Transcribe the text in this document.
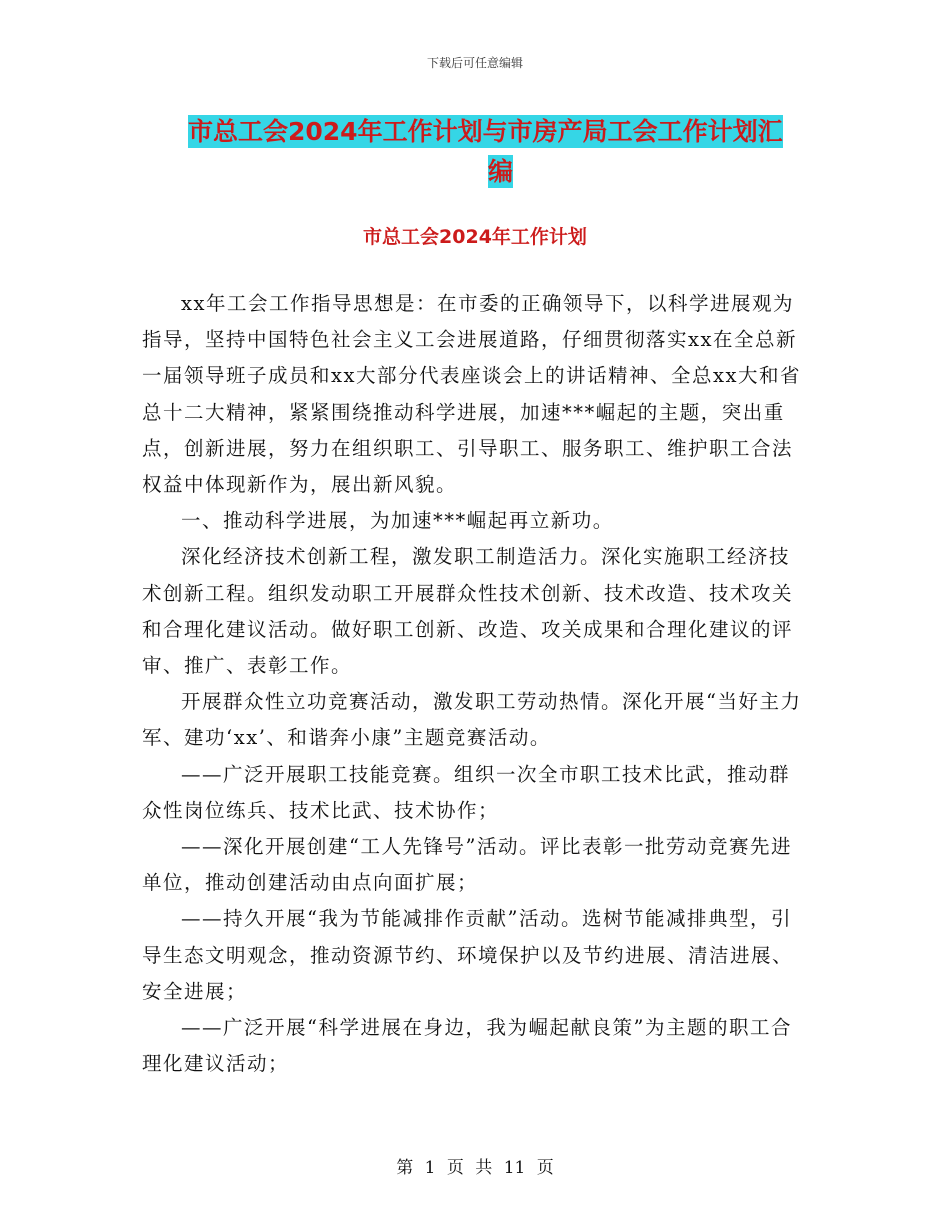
下载后可任意编辑
市总工会2024年工作计划与市房产局工会工作计划汇
编
市总工会2024年工作计划

xx年工会工作指导思想是：在市委的正确领导下，以科学进展观为指导，坚持中国特色社会主义工会进展道路，仔细贯彻落实xx在全总新一届领导班子成员和xx大部分代表座谈会上的讲话精神、全总xx大和省总十二大精神，紧紧围绕推动科学进展，加速***崛起的主题，突出重点，创新进展，努力在组织职工、引导职工、服务职工、维护职工合法权益中体现新作为，展出新风貌。

一、推动科学进展，为加速***崛起再立新功。

深化经济技术创新工程，激发职工制造活力。深化实施职工经济技术创新工程。组织发动职工开展群众性技术创新、技术改造、技术攻关和合理化建议活动。做好职工创新、改造、攻关成果和合理化建议的评审、推广、表彰工作。

开展群众性立功竞赛活动，激发职工劳动热情。深化开展“当好主力军、建功‘xx’、和谐奔小康”主题竞赛活动。

——广泛开展职工技能竞赛。组织一次全市职工技术比武，推动群众性岗位练兵、技术比武、技术协作；

——深化开展创建“工人先锋号”活动。评比表彰一批劳动竞赛先进单位，推动创建活动由点向面扩展；

——持久开展“我为节能减排作贡献”活动。选树节能减排典型，引导生态文明观念，推动资源节约、环境保护以及节约进展、清洁进展、安全进展；

——广泛开展“科学进展在身边，我为崛起献良策”为主题的职工合理化建议活动；

第 1 页 共 11 页
